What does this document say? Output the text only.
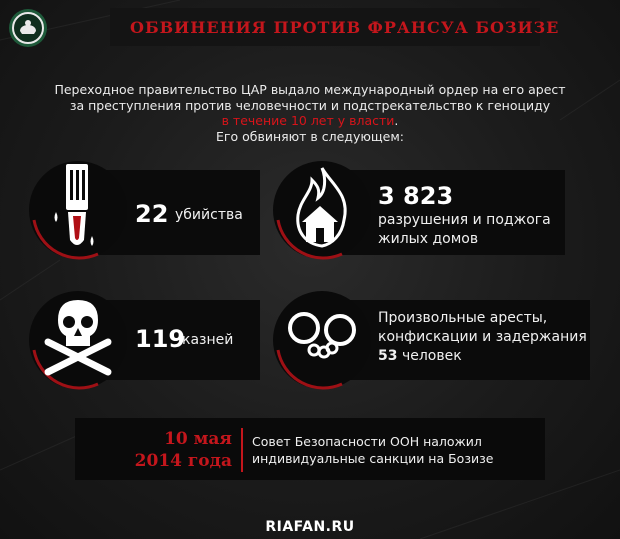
ОБВИНЕНИЯ ПРОТИВ ФРАНСУА БОЗИЗЕ
Переходное правительство ЦАР выдало международный ордер на его арест
за преступления против человечности и подстрекательство к геноциду
в течение 10 лет у власти.
Его обвиняют в следующем:
22 убийства
3 823
разрушения и поджога
жилых домов
119
казней
Произвольные аресты,
конфискации и задержания
53 человек
10 мая
2014 года
Совет Безопасности ООН наложил
индивидуальные санкции на Бозизе
RIAFAN.RU
